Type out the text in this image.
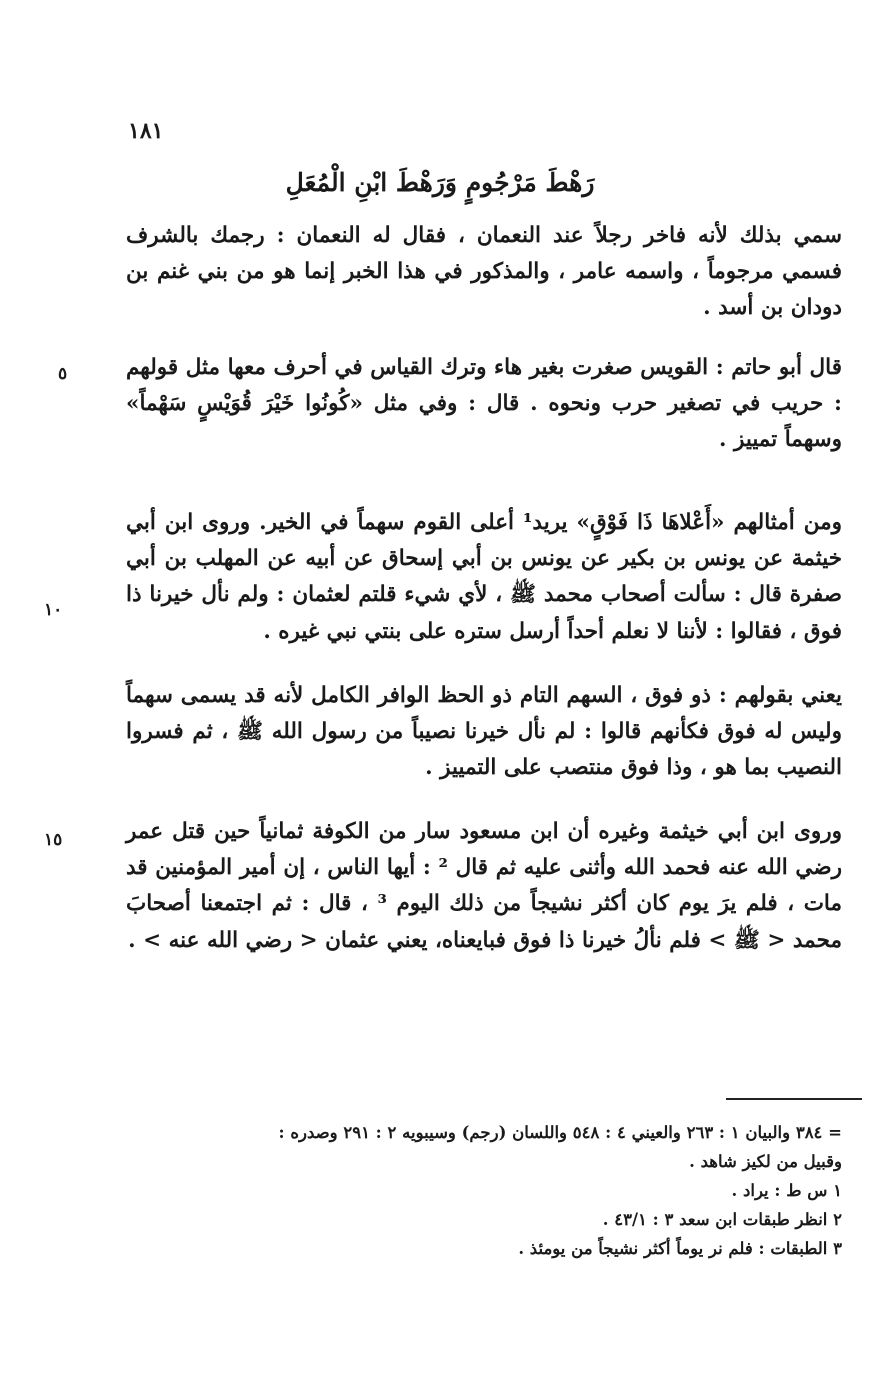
١٨١
رَهْطَ مَرْجُومٍ وَرَهْطَ ابْنِ الْمُعَلِ

سمي بذلك لأنه فاخر رجلاً عند النعمان ، فقال له النعمان : رجمك بالشرف فسمي مرجوماً ، واسمه عامر ، والمذكور في هذا الخبر إنما هو من بني غنم بن دودان بن أسد .

قال أبو حاتم : القويس صغرت بغير هاء وترك القياس في أحرف معها مثل قولهم : حريب في تصغير حرب ونحوه . قال : وفي مثل «كُونُوا خَيْرَ قُوَيْسٍ سَهْماً» وسهماً تمييز .

ومن أمثالهم «أَعْلاهَا ذَا فَوْقٍ» يريد¹ أعلى القوم سهماً في الخير. وروى ابن أبي خيثمة عن يونس بن بكير عن يونس بن أبي إسحاق عن أبيه عن المهلب بن أبي صفرة قال : سألت أصحاب محمد ﷺ ، لأي شيء قلتم لعثمان : ولم نأل خيرنا ذا فوق ، فقالوا : لأننا لا نعلم أحداً أرسل ستره على بنتي نبي غيره .

يعني بقولهم : ذو فوق ، السهم التام ذو الحظ الوافر الكامل لأنه قد يسمى سهماً وليس له فوق فكأنهم قالوا : لم نأل خيرنا نصيباً من رسول الله ﷺ ، ثم فسروا النصيب بما هو ، وذا فوق منتصب على التمييز .

وروى ابن أبي خيثمة وغيره أن ابن مسعود سار من الكوفة ثمانياً حين قتل عمر رضي الله عنه فحمد الله وأثنى عليه ثم قال ² : أيها الناس ، إن أمير المؤمنين قد مات ، فلم يرَ يوم كان أكثر نشيجاً من ذلك اليوم ³ ، قال : ثم اجتمعنا أصحابَ محمد < ﷺ > فلم نألُ خيرنا ذا فوق فبايعناه، يعني عثمان < رضي الله عنه > .

٥
١٠
١٥
= ٣٨٤ والبيان ١ : ٢٦٣ والعيني ٤ : ٥٤٨ واللسان (رجم) وسيبويه ٢ : ٢٩١ وصدره :
وقبيل من لكيز شاهد .
١ س ط : يراد .
٢ انظر طبقات ابن سعد ٣ : ٤٣/١ .
٣ الطبقات : فلم نر يوماً أكثر نشيجاً من يومئذ .
